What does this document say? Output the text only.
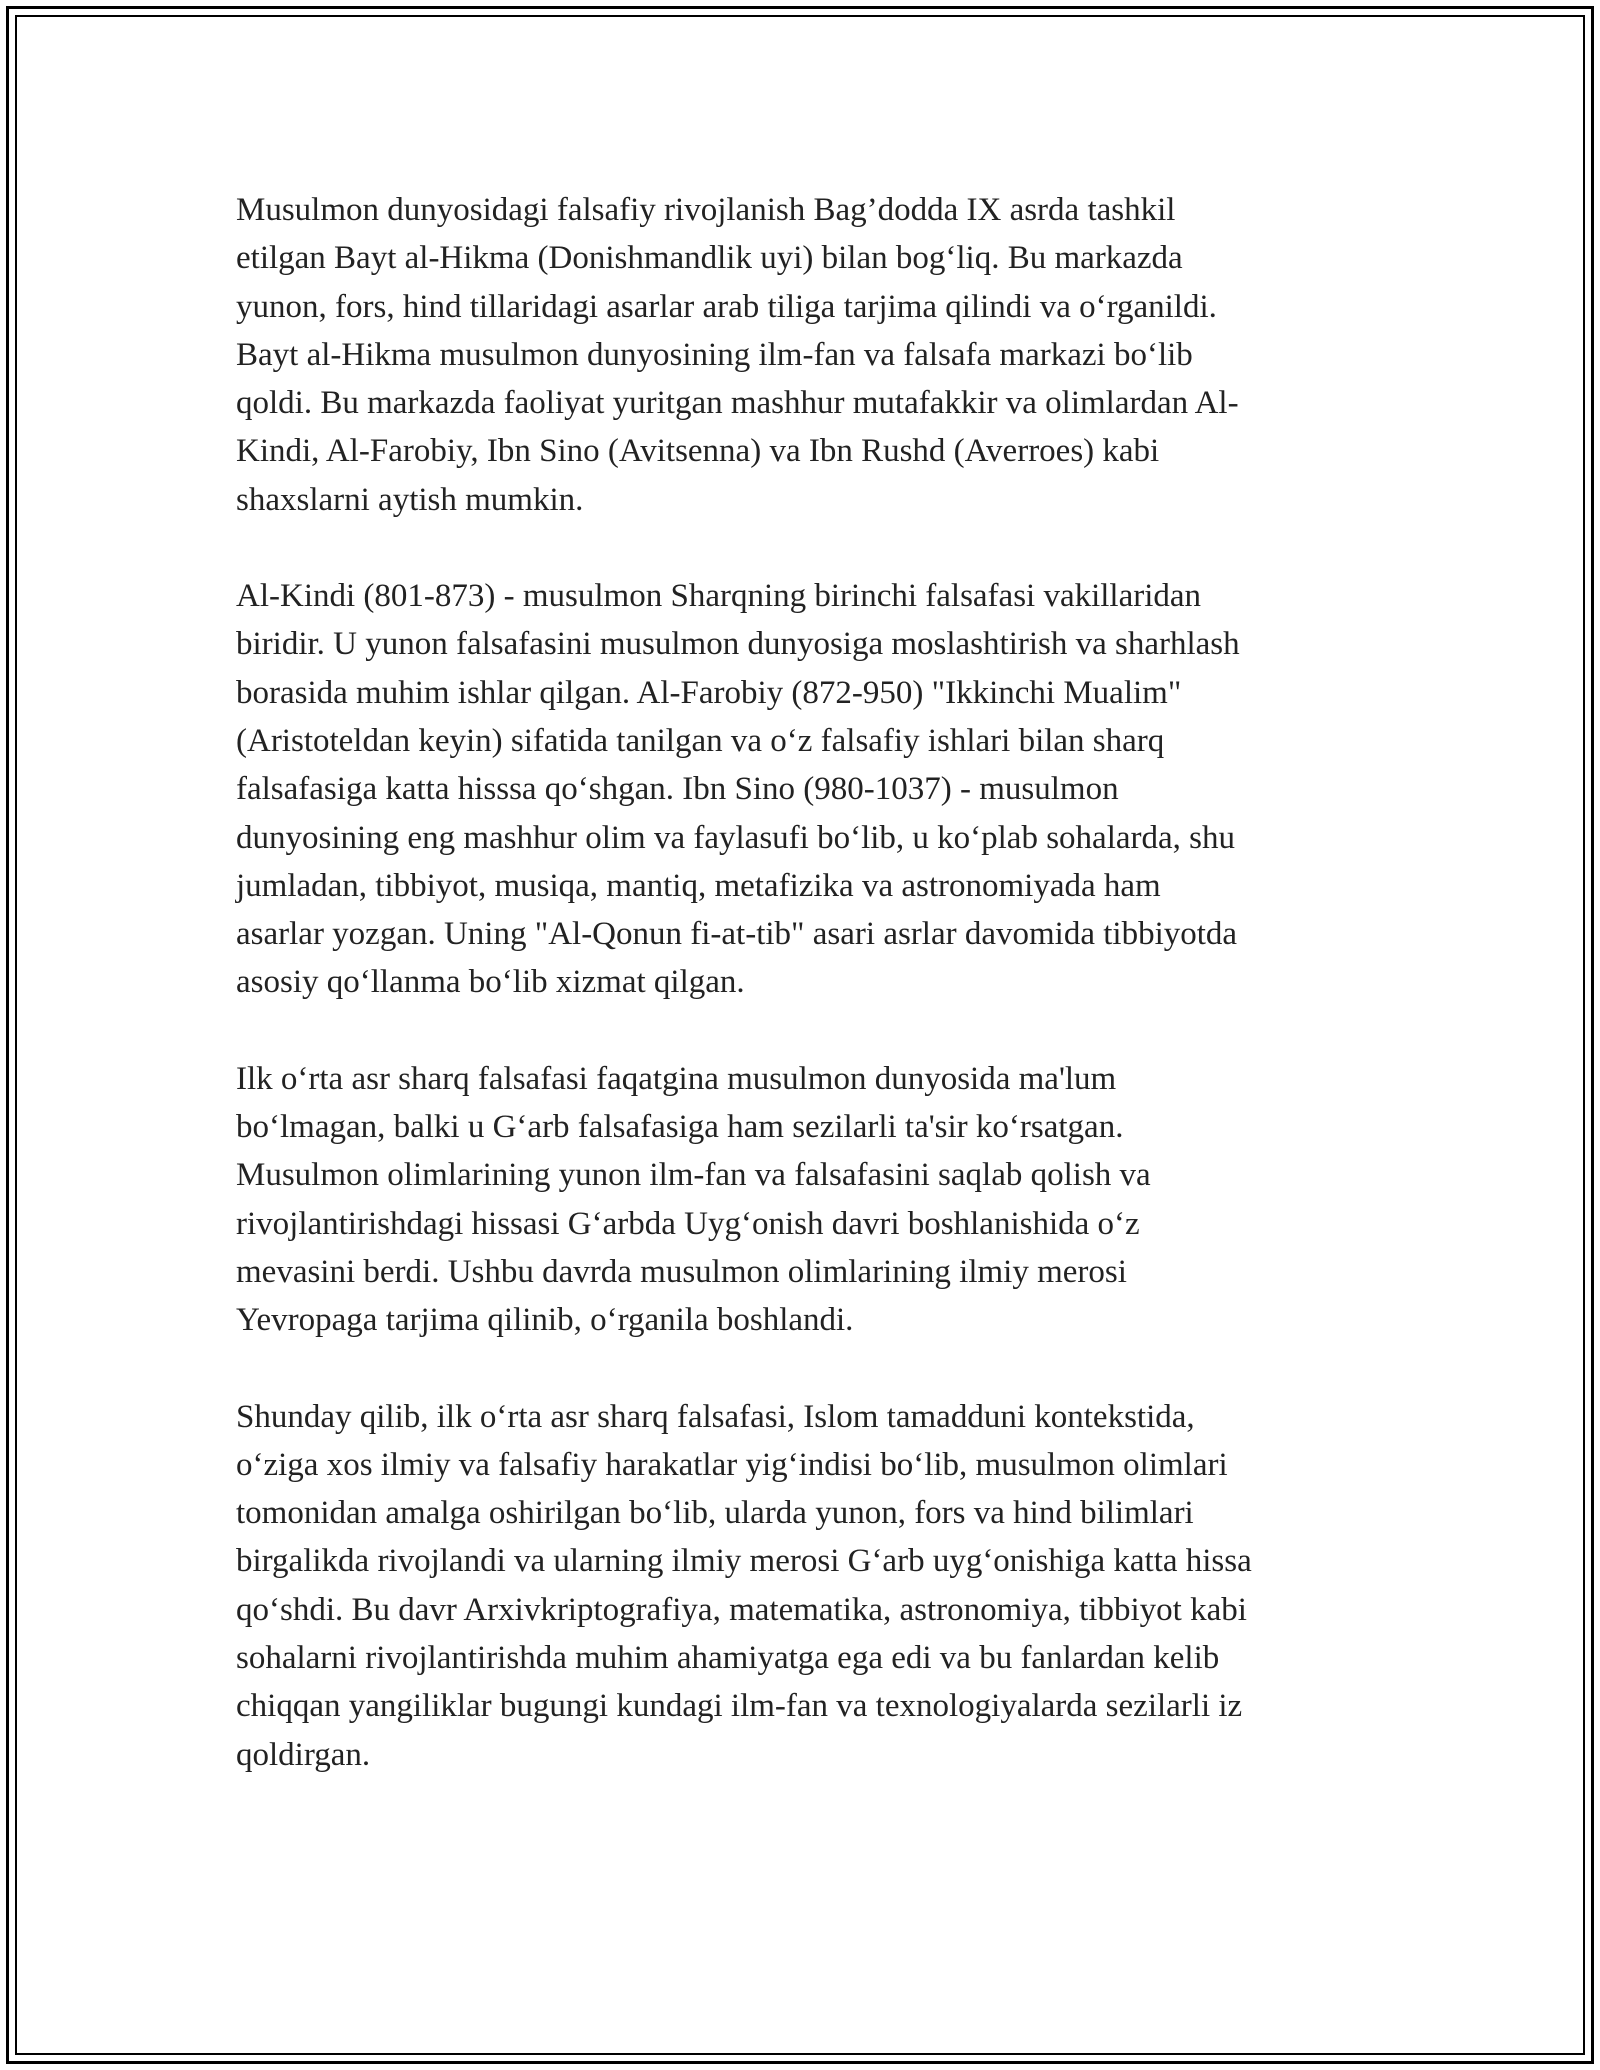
Musulmon dunyosidagi falsafiy rivojlanish Bag’dodda IX asrda tashkil
etilgan Bayt al-Hikma (Donishmandlik uyi) bilan bog‘liq. Bu markazda
yunon, fors, hind tillaridagi asarlar arab tiliga tarjima qilindi va o‘rganildi.
Bayt al-Hikma musulmon dunyosining ilm-fan va falsafa markazi bo‘lib
qoldi. Bu markazda faoliyat yuritgan mashhur mutafakkir va olimlardan Al-
Kindi, Al-Farobiy, Ibn Sino (Avitsenna) va Ibn Rushd (Averroes) kabi
shaxslarni aytish mumkin.

Al-Kindi (801-873) - musulmon Sharqning birinchi falsafasi vakillaridan
biridir. U yunon falsafasini musulmon dunyosiga moslashtirish va sharhlash
borasida muhim ishlar qilgan. Al-Farobiy (872-950) "Ikkinchi Mualim"
(Aristoteldan keyin) sifatida tanilgan va o‘z falsafiy ishlari bilan sharq
falsafasiga katta hisssa qo‘shgan. Ibn Sino (980-1037) - musulmon
dunyosining eng mashhur olim va faylasufi bo‘lib, u ko‘plab sohalarda, shu
jumladan, tibbiyot, musiqa, mantiq, metafizika va astronomiyada ham
asarlar yozgan. Uning "Al-Qonun fi-at-tib" asari asrlar davomida tibbiyotda
asosiy qo‘llanma bo‘lib xizmat qilgan.

Ilk o‘rta asr sharq falsafasi faqatgina musulmon dunyosida ma'lum
bo‘lmagan, balki u G‘arb falsafasiga ham sezilarli ta'sir ko‘rsatgan.
Musulmon olimlarining yunon ilm-fan va falsafasini saqlab qolish va
rivojlantirishdagi hissasi G‘arbda Uyg‘onish davri boshlanishida o‘z
mevasini berdi. Ushbu davrda musulmon olimlarining ilmiy merosi
Yevropaga tarjima qilinib, o‘rganila boshlandi.

Shunday qilib, ilk o‘rta asr sharq falsafasi, Islom tamadduni kontekstida,
o‘ziga xos ilmiy va falsafiy harakatlar yig‘indisi bo‘lib, musulmon olimlari
tomonidan amalga oshirilgan bo‘lib, ularda yunon, fors va hind bilimlari
birgalikda rivojlandi va ularning ilmiy merosi G‘arb uyg‘onishiga katta hissa
qo‘shdi. Bu davr Arxivkriptografiya, matematika, astronomiya, tibbiyot kabi
sohalarni rivojlantirishda muhim ahamiyatga ega edi va bu fanlardan kelib
chiqqan yangiliklar bugungi kundagi ilm-fan va texnologiyalarda sezilarli iz
qoldirgan.
